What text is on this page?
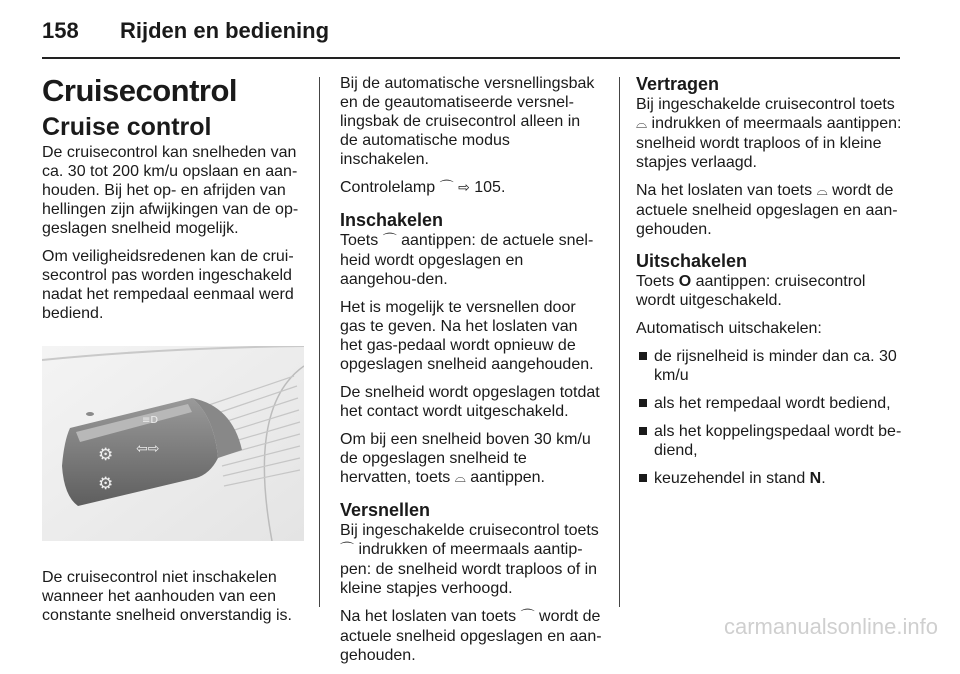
158 Rijden en bediening
Cruisecontrol
Cruise control

De cruisecontrol kan snelheden van ca. 30 tot 200 km/u opslaan en aan-houden. Bij het op- en afrijden van hellingen zijn afwijkingen van de op-geslagen snelheid mogelijk.

Om veiligheidsredenen kan de crui-secontrol pas worden ingeschakeld nadat het rempedaal eenmaal werd bediend.

⚙
⚙
⇦⇨
≡D

De cruisecontrol niet inschakelen wanneer het aanhouden van een constante snelheid onverstandig is.

Bij de automatische versnellingsbak en de geautomatiseerde versnel-lingsbak de cruisecontrol alleen in de automatische modus inschakelen.

Controlelamp ⌒ ⇨ 105.

Inschakelen

Toets ⌒ aantippen: de actuele snel-heid wordt opgeslagen en aangehou-den.

Het is mogelijk te versnellen door gas te geven. Na het loslaten van het gas-pedaal wordt opnieuw de opgeslagen snelheid aangehouden.

De snelheid wordt opgeslagen totdat het contact wordt uitgeschakeld.

Om bij een snelheid boven 30 km/u de opgeslagen snelheid te hervatten, toets ⌓ aantippen.

Versnellen

Bij ingeschakelde cruisecontrol toets ⌒ indrukken of meermaals aantip-pen: de snelheid wordt traploos of in kleine stapjes verhoogd.

Na het loslaten van toets ⌒ wordt de actuele snelheid opgeslagen en aan-gehouden.

Vertragen

Bij ingeschakelde cruisecontrol toets ⌓ indrukken of meermaals aantippen: snelheid wordt traploos of in kleine stapjes verlaagd.

Na het loslaten van toets ⌓ wordt de actuele snelheid opgeslagen en aan-gehouden.

Uitschakelen

Toets O aantippen: cruisecontrol wordt uitgeschakeld.

Automatisch uitschakelen:

de rijsnelheid is minder dan ca. 30 km/u
als het rempedaal wordt bediend,
als het koppelingspedaal wordt be-diend,
keuzehendel in stand N.
carmanualsonline.info
